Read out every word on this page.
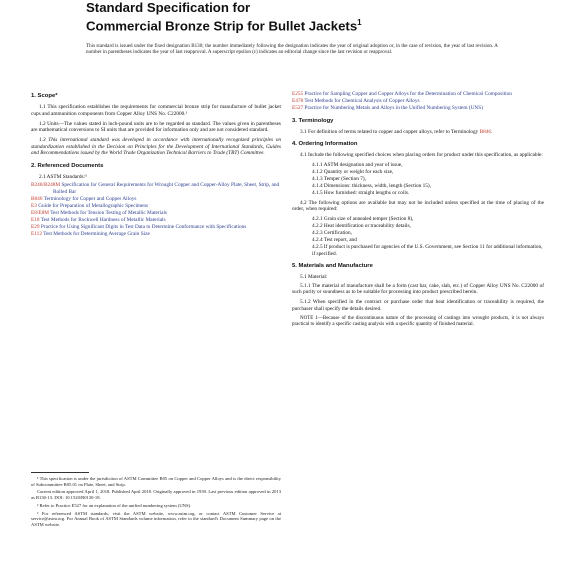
Standard Specification for
Commercial Bronze Strip for Bullet Jackets$^1$
This standard is issued under the fixed designation B130; the number immediately following the designation indicates the year of original adoption or, in the case of revision, the year of last revision. A number in parentheses indicates the year of last reapproval. A superscript epsilon (ε) indicates an editorial change since the last revision or reapproval.
1. Scope*

1.1 This specification establishes the requirements for commercial bronze strip for manufacture of bullet jacket cups and ammunition components from Copper Alloy UNS No. C22000.¹

1.2 Units—The values stated in inch-pound units are to be regarded as standard. The values given in parentheses are mathematical conversions to SI units that are provided for information only and are not considered standard.

1.3 This international standard was developed in accordance with internationally recognized principles on standardization established in the Decision on Principles for the Development of International Standards, Guides and Recommendations issued by the World Trade Organization Technical Barriers to Trade (TBT) Committee.

2. Referenced Documents
2.1 ASTM Standards:³
B248/B248M Specification for General Requirements for Wrought Copper and Copper-Alloy Plate, Sheet, Strip, and Rolled Bar
B846 Terminology for Copper and Copper Alloys
E3 Guide for Preparation of Metallographic Specimens
E8/E8M Test Methods for Tension Testing of Metallic Materials
E18 Test Methods for Rockwell Hardness of Metallic Materials
E29 Practice for Using Significant Digits in Test Data to Determine Conformance with Specifications
E112 Test Methods for Determining Average Grain Size

¹ This specification is under the jurisdiction of ASTM Committee B05 on Copper and Copper Alloys and is the direct responsibility of Subcommittee B05.01 on Plate, Sheet, and Strip.

Current edition approved April 1, 2018. Published April 2018. Originally approved in 1939. Last previous edition approved in 2013 as B130-13. DOI: 10.1520/B0130-18.

² Refer to Practice E527 for an explanation of the unified numbering system (UNS).

³ For referenced ASTM standards, visit the ASTM website, www.astm.org, or contact ASTM Customer Service at service@astm.org. For Annual Book of ASTM Standards volume information, refer to the standard's Document Summary page on the ASTM website.

E255 Practice for Sampling Copper and Copper Alloys for the Determination of Chemical Composition
E478 Test Methods for Chemical Analysis of Copper Alloys
E527 Practice for Numbering Metals and Alloys in the Unified Numbering System (UNS)
3. Terminology

3.1 For definition of terms related to copper and copper alloys, refer to Terminology B846.

4. Ordering Information

4.1 Include the following specified choices when placing orders for product under this specification, as applicable:

4.1.1 ASTM designation and year of issue,
4.1.2 Quantity or weight for each size,
4.1.3 Temper (Section 7),
4.1.4 Dimensions: thickness, width, length (Section 15),
4.1.5 How furnished: straight lengths or coils.

4.2 The following options are available but may not be included unless specified at the time of placing of the order, when required:

4.2.1 Grain size of annealed temper (Section 8),
4.2.2 Heat identification or traceability details,
4.2.3 Certification,
4.2.4 Test report, and
4.2.5 If product is purchased for agencies of the U.S. Government, see Section 11 for additional information, if specified.
5. Materials and Manufacture
5.1 Material:

5.1.1 The material of manufacture shall be a form (cast bar, cake, slab, etc.) of Copper Alloy UNS No. C22000 of such purity or soundness as to be suitable for processing into product prescribed herein.

5.1.2 When specified in the contract or purchase order that heat identification or traceability is required, the purchaser shall specify the details desired.

NOTE 1—Because of the discontinuous nature of the processing of castings into wrought products, it is not always practical to identify a specific casting analysis with a specific quantity of finished material.
